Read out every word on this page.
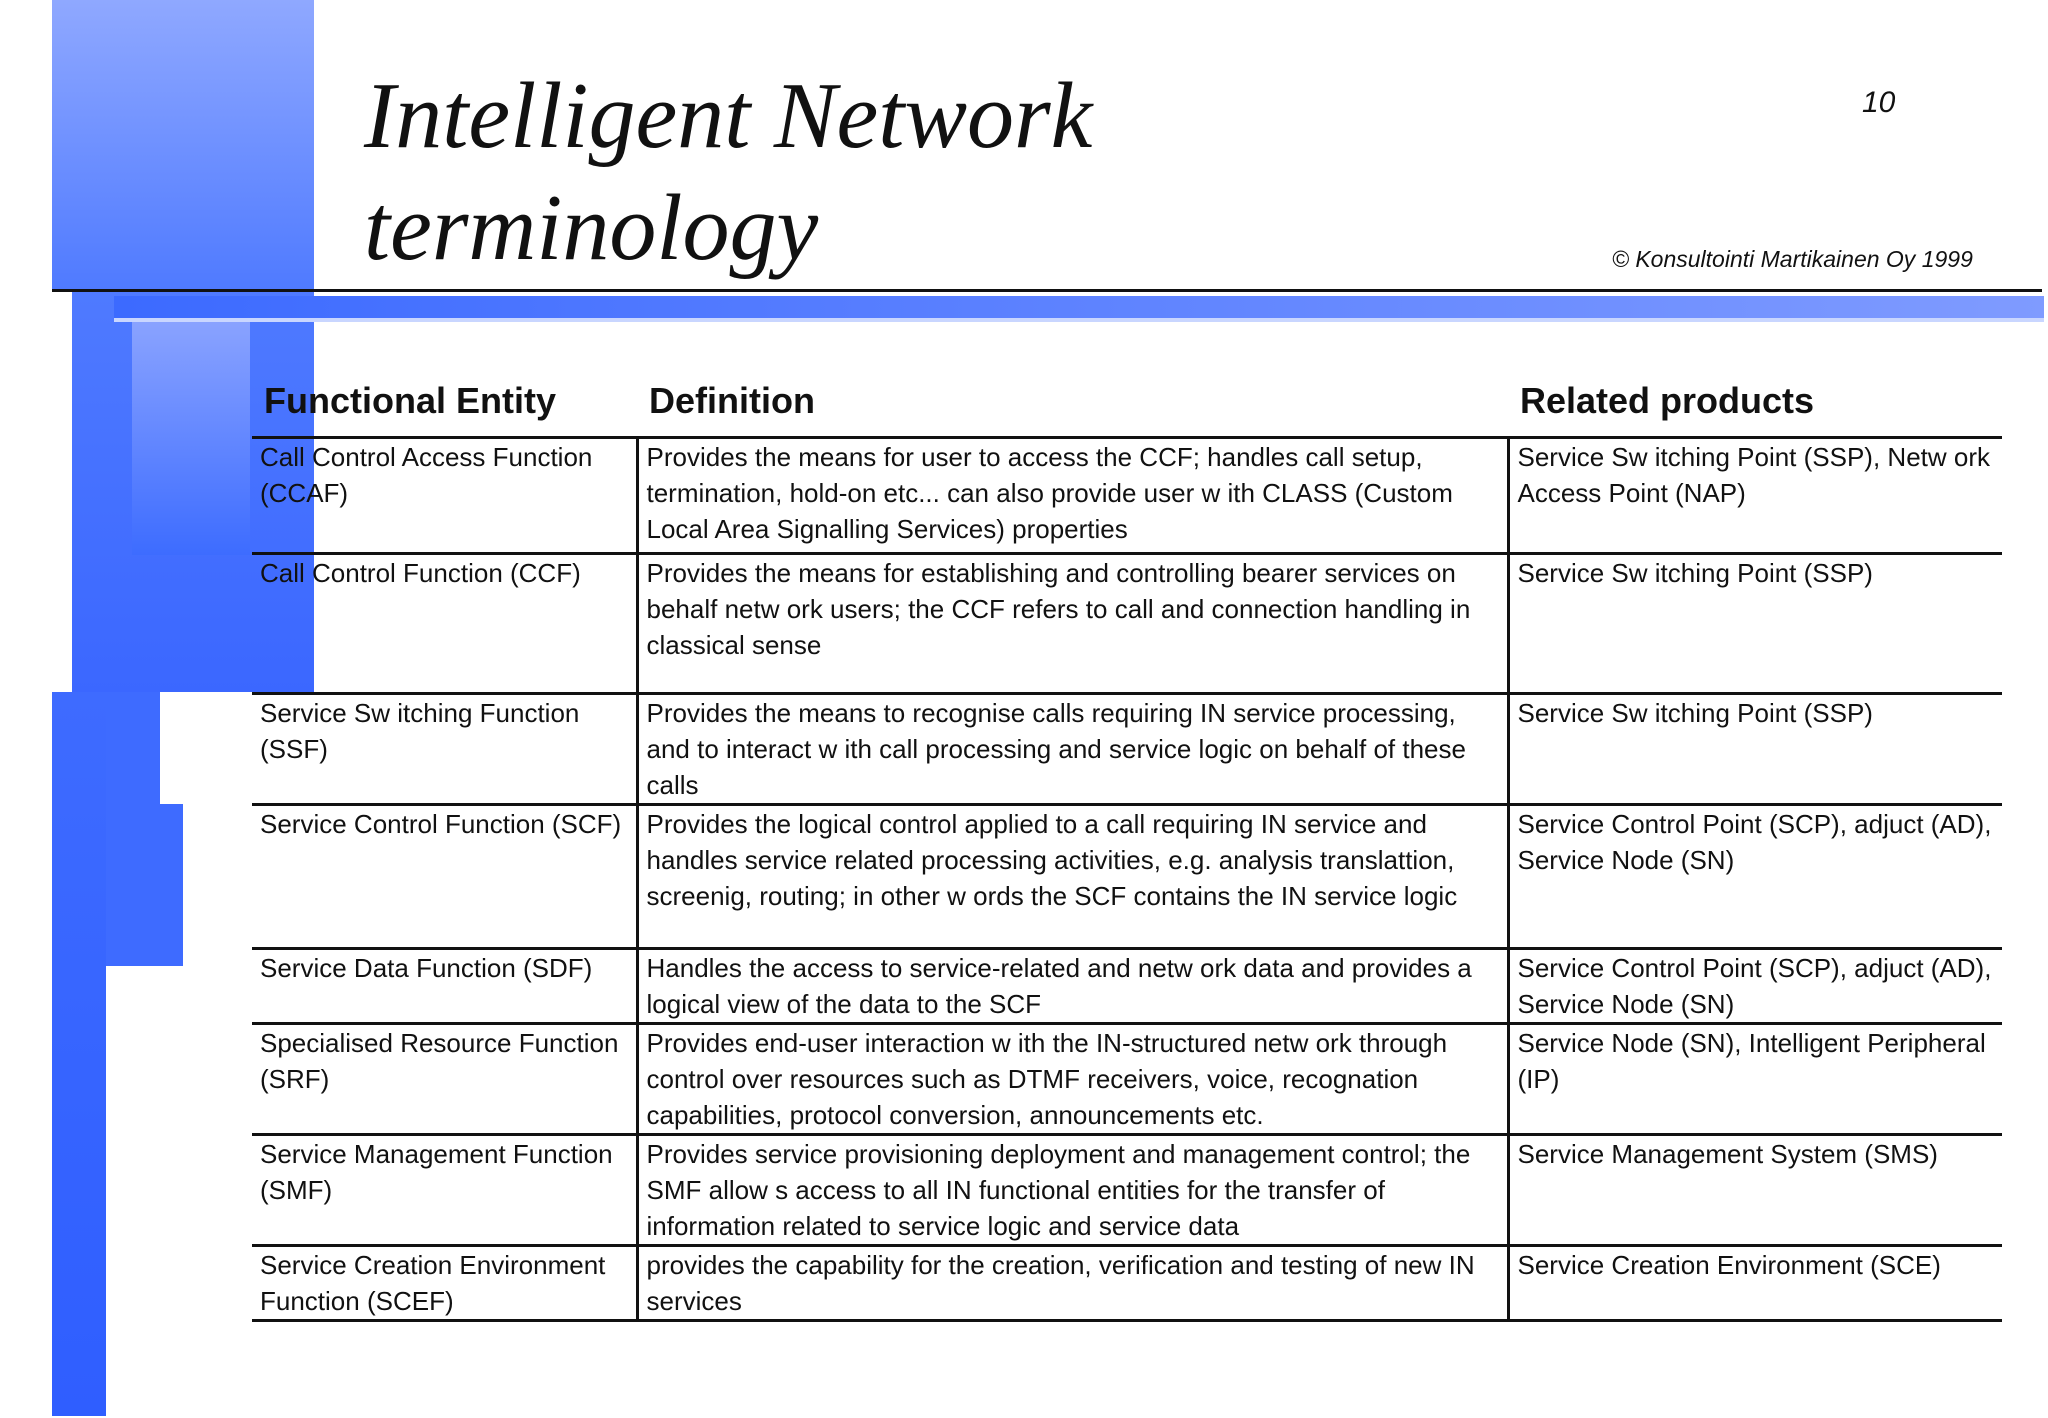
Intelligent Network
terminology
10
© Konsultointi Martikainen Oy 1999
Functional Entity	Definition	Related products
Call Control Access Function (CCAF)	Provides the means for user to access the CCF; handles call setup, termination, hold-on etc... can also provide user w ith CLASS (Custom Local Area Signalling Services) properties	Service Sw itching Point (SSP), Netw ork Access Point (NAP)
Call Control Function (CCF)	Provides the means for establishing and controlling bearer services on behalf netw ork users; the CCF refers to call and connection handling in classical sense	Service Sw itching Point (SSP)
Service Sw itching Function (SSF)	Provides the means to recognise calls requiring IN service processing, and to interact w ith call processing and service logic on behalf of these calls	Service Sw itching Point (SSP)
Service Control Function (SCF)	Provides the logical control applied to a call requiring IN service and handles service related processing activities, e.g. analysis translattion, screenig, routing; in other w ords the SCF contains the IN service logic	Service Control Point (SCP), adjuct (AD), Service Node (SN)
Service Data Function (SDF)	Handles the access to service-related and netw ork data and provides a logical view of the data to the SCF	Service Control Point (SCP), adjuct (AD), Service Node (SN)
Specialised Resource Function (SRF)	Provides end-user interaction w ith the IN-structured netw ork through control over resources such as DTMF receivers, voice, recognation capabilities, protocol conversion, announcements etc.	Service Node (SN), Intelligent Peripheral (IP)
Service Management Function (SMF)	Provides service provisioning deployment and management control; the SMF allow s access to all IN functional entities for the transfer of information related to service logic and service data	Service Management System (SMS)
Service Creation Environment Function (SCEF)	provides the capability for the creation, verification and testing of new IN services	Service Creation Environment (SCE)
